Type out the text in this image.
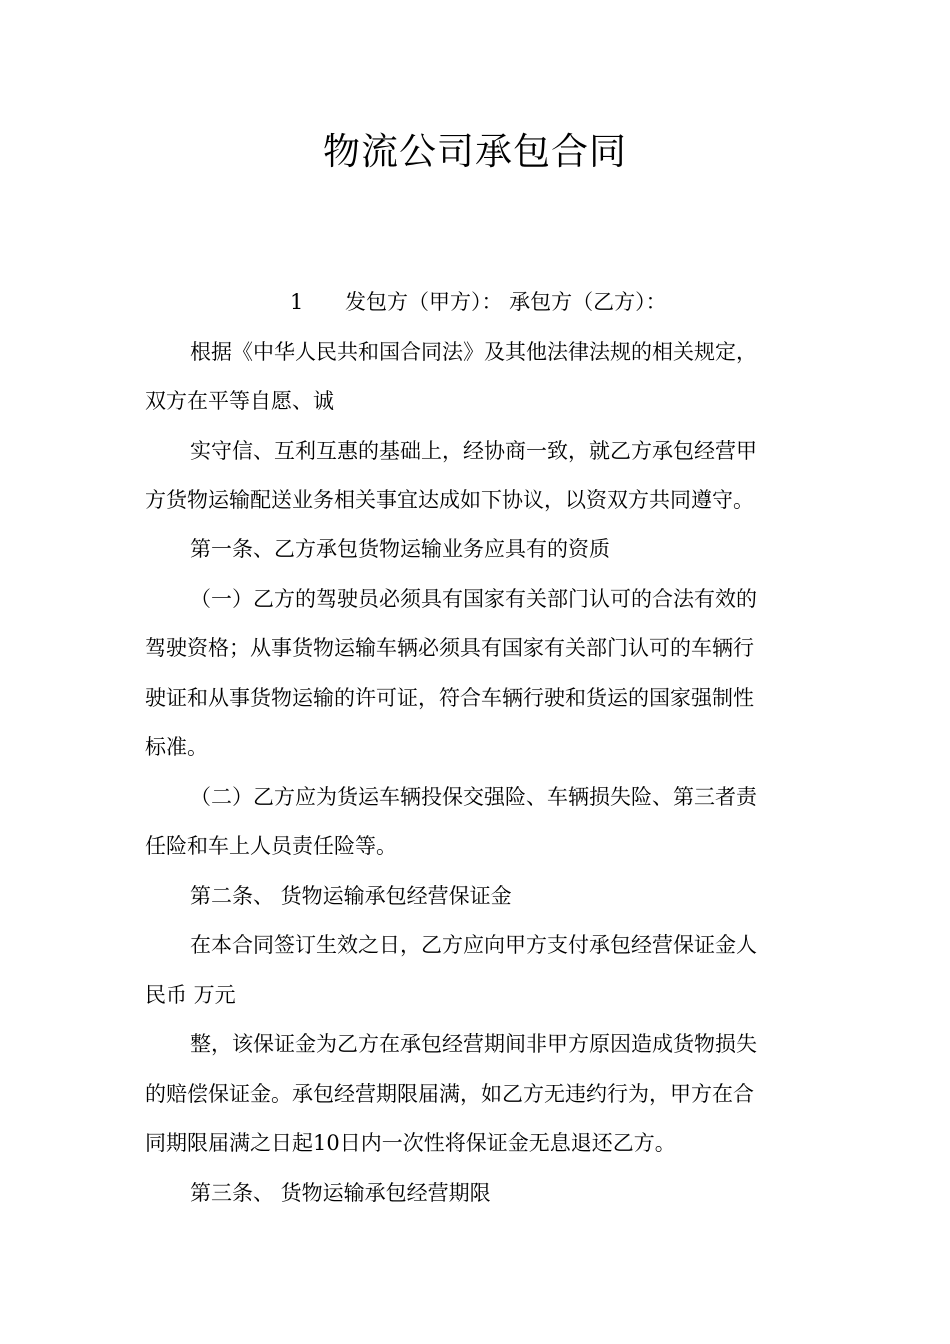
物流公司承包合同
1 发包方（甲方）： 承包方（乙方）：
根据《中华人民共和国合同法》及其他法律法规的相关规定，
双方在平等自愿、诚
实守信、互利互惠的基础上，经协商一致，就乙方承包经营甲
方货物运输配送业务相关事宜达成如下协议，以资双方共同遵守。
第一条、乙方承包货物运输业务应具有的资质
（一）乙方的驾驶员必须具有国家有关部门认可的合法有效的
驾驶资格；从事货物运输车辆必须具有国家有关部门认可的车辆行
驶证和从事货物运输的许可证，符合车辆行驶和货运的国家强制性
标准。
（二）乙方应为货运车辆投保交强险、车辆损失险、第三者责
任险和车上人员责任险等。
第二条、 货物运输承包经营保证金
在本合同签订生效之日，乙方应向甲方支付承包经营保证金人
民币 万元
整，该保证金为乙方在承包经营期间非甲方原因造成货物损失
的赔偿保证金。承包经营期限届满，如乙方无违约行为，甲方在合
同期限届满之日起10日内一次性将保证金无息退还乙方。
第三条、 货物运输承包经营期限
